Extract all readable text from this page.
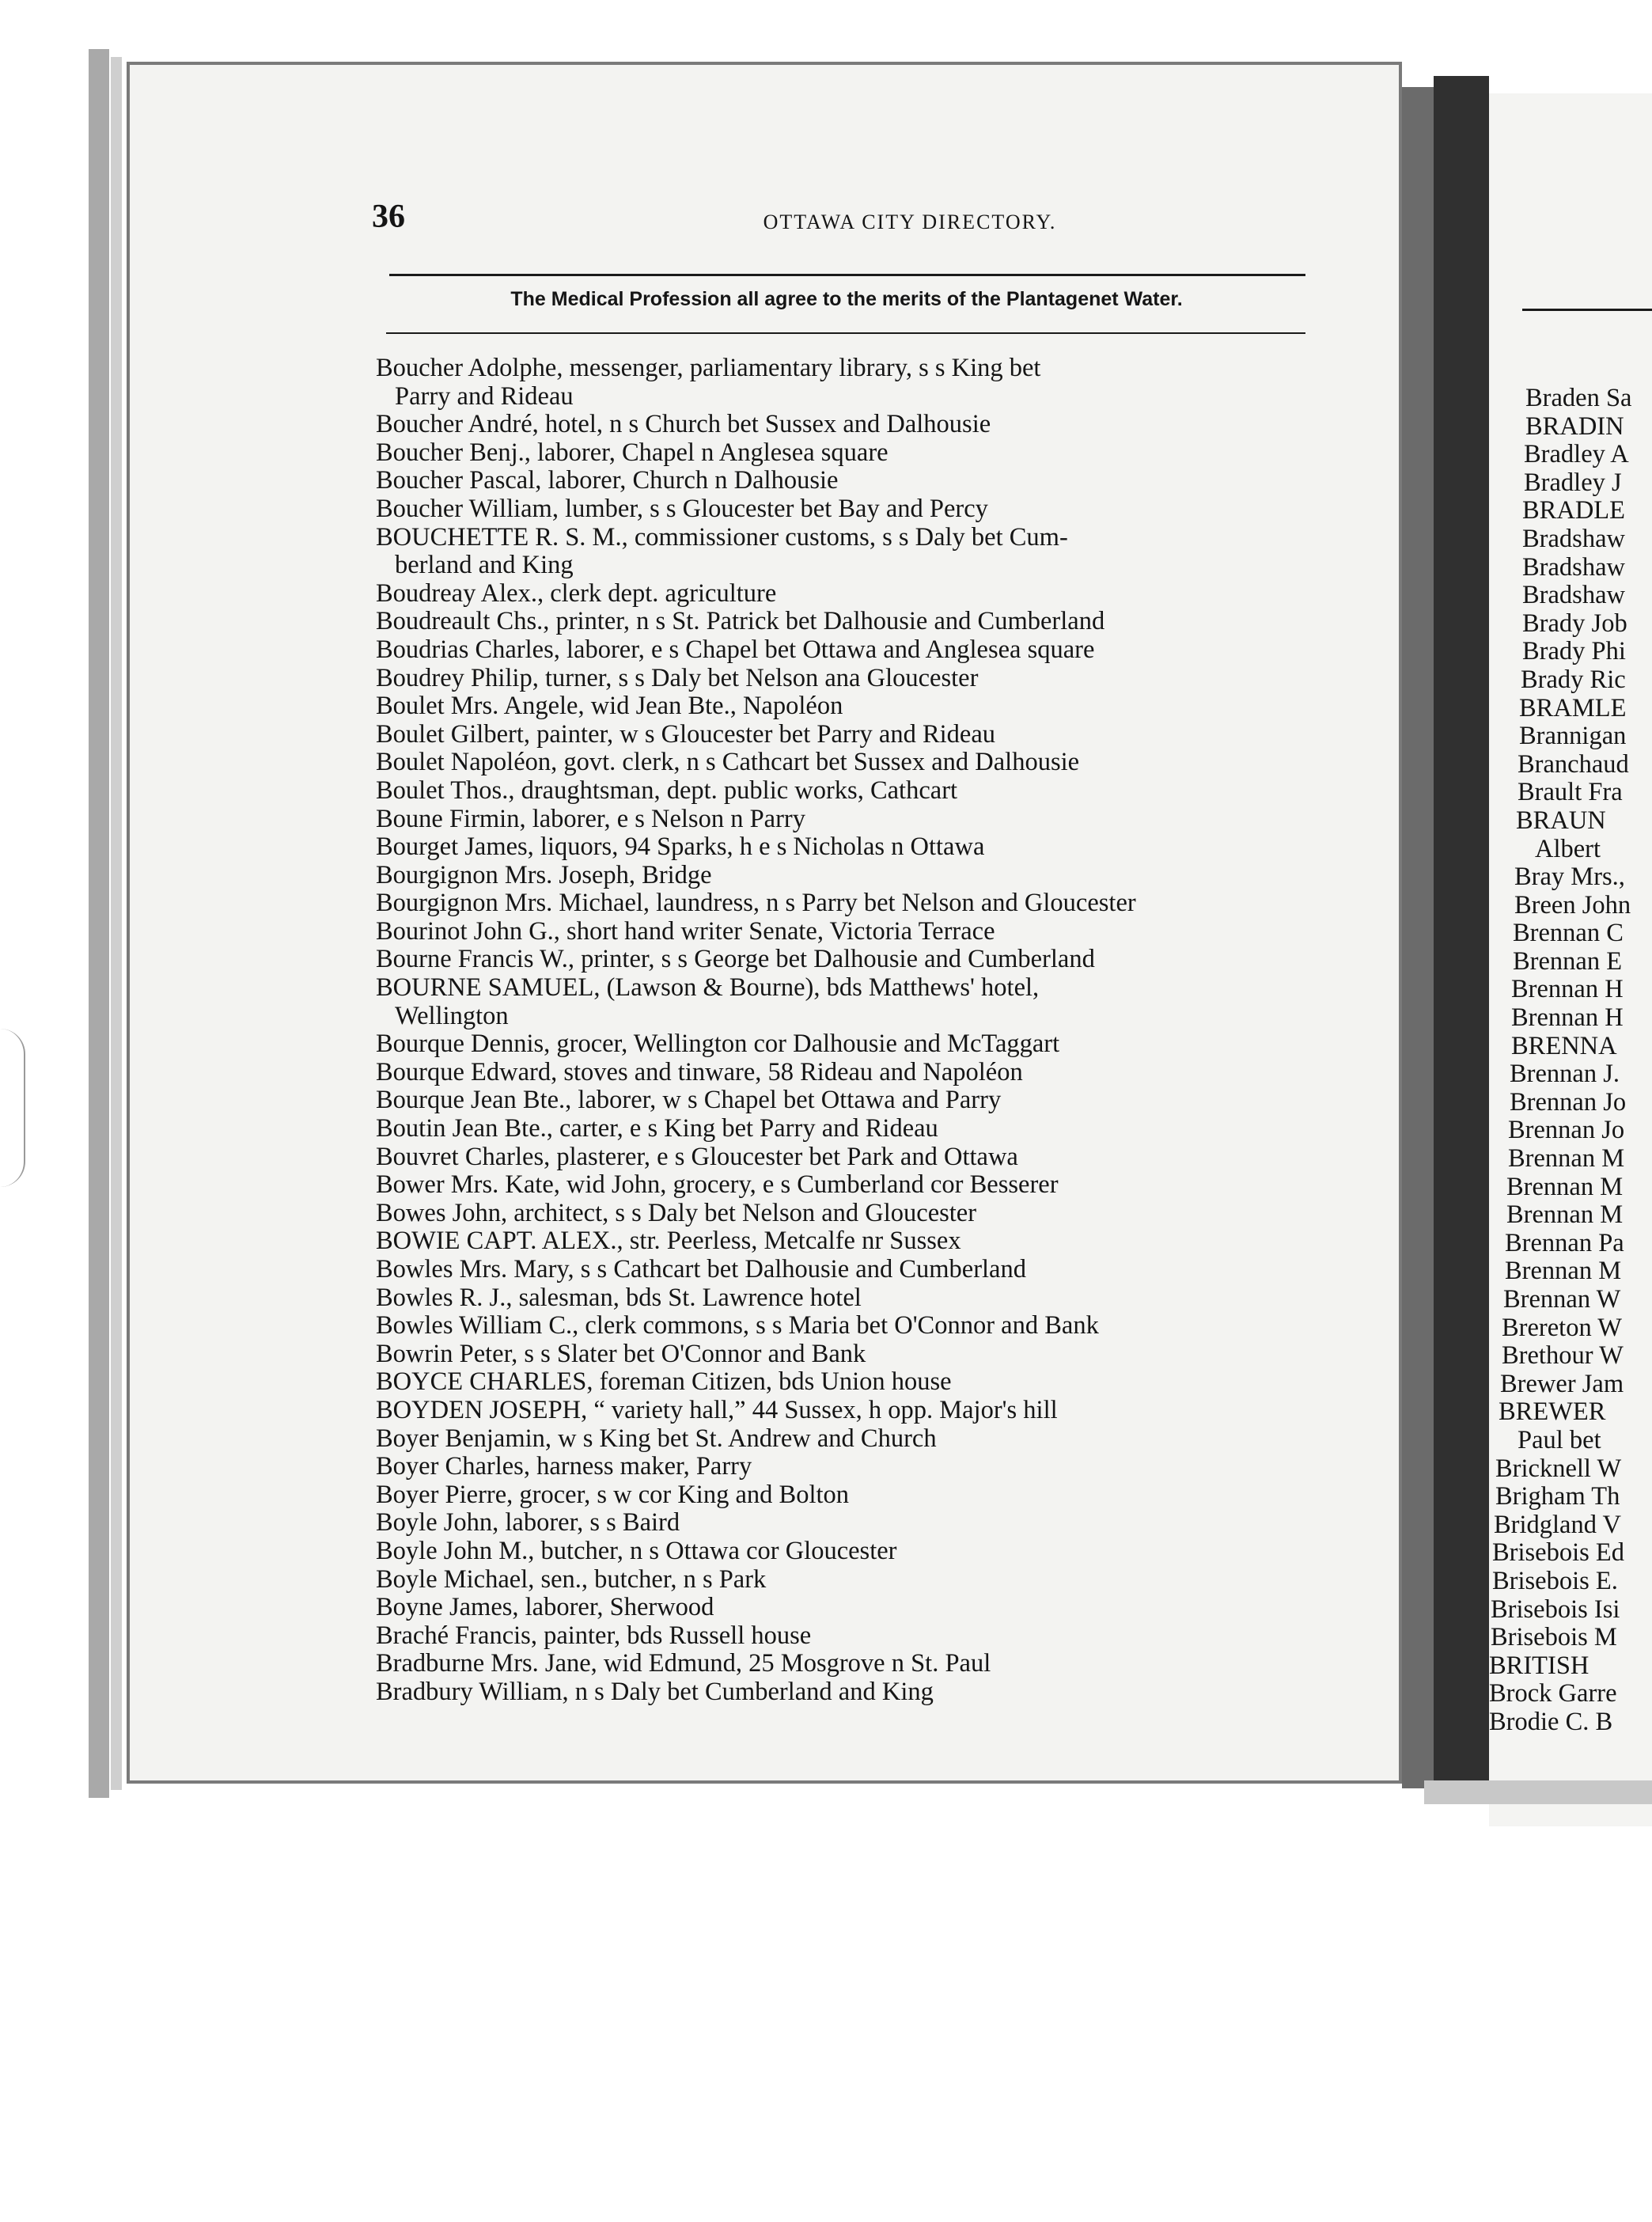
36	OTTAWA CITY DIRECTORY.
The Medical Profession all agree to the merits of the Plantagenet Water.
Boucher Adolphe, messenger, parliamentary library, s s King bet
Parry and Rideau
Boucher André, hotel, n s Church bet Sussex and Dalhousie
Boucher Benj., laborer, Chapel n Anglesea square
Boucher Pascal, laborer, Church n Dalhousie
Boucher William, lumber, s s Gloucester bet Bay and Percy
BOUCHETTE R. S. M., commissioner customs, s s Daly bet Cum-
berland and King
Boudreay Alex., clerk dept. agriculture
Boudreault Chs., printer, n s St. Patrick bet Dalhousie and Cumberland
Boudrias Charles, laborer, e s Chapel bet Ottawa and Anglesea square
Boudrey Philip, turner, s s Daly bet Nelson ana Gloucester
Boulet Mrs. Angele, wid Jean Bte., Napoléon
Boulet Gilbert, painter, w s Gloucester bet Parry and Rideau
Boulet Napoléon, govt. clerk, n s Cathcart bet Sussex and Dalhousie
Boulet Thos., draughtsman, dept. public works, Cathcart
Boune Firmin, laborer, e s Nelson n Parry
Bourget James, liquors, 94 Sparks, h e s Nicholas n Ottawa
Bourgignon Mrs. Joseph, Bridge
Bourgignon Mrs. Michael, laundress, n s Parry bet Nelson and Gloucester
Bourinot John G., short hand writer Senate, Victoria Terrace
Bourne Francis W., printer, s s George bet Dalhousie and Cumberland
BOURNE SAMUEL, (Lawson & Bourne), bds Matthews' hotel,
Wellington
Bourque Dennis, grocer, Wellington cor Dalhousie and McTaggart
Bourque Edward, stoves and tinware, 58 Rideau and Napoléon
Bourque Jean Bte., laborer, w s Chapel bet Ottawa and Parry
Boutin Jean Bte., carter, e s King bet Parry and Rideau
Bouvret Charles, plasterer, e s Gloucester bet Park and Ottawa
Bower Mrs. Kate, wid John, grocery, e s Cumberland cor Besserer
Bowes John, architect, s s Daly bet Nelson and Gloucester
BOWIE CAPT. ALEX., str. Peerless, Metcalfe nr Sussex
Bowles Mrs. Mary, s s Cathcart bet Dalhousie and Cumberland
Bowles R. J., salesman, bds St. Lawrence hotel
Bowles William C., clerk commons, s s Maria bet O'Connor and Bank
Bowrin Peter, s s Slater bet O'Connor and Bank
BOYCE CHARLES, foreman Citizen, bds Union house
BOYDEN JOSEPH, “ variety hall,” 44 Sussex, h opp. Major's hill
Boyer Benjamin, w s King bet St. Andrew and Church
Boyer Charles, harness maker, Parry
Boyer Pierre, grocer, s w cor King and Bolton
Boyle John, laborer, s s Baird
Boyle John M., butcher, n s Ottawa cor Gloucester
Boyle Michael, sen., butcher, n s Park
Boyne James, laborer, Sherwood
Braché Francis, painter, bds Russell house
Bradburne Mrs. Jane, wid Edmund, 25 Mosgrove n St. Paul
Bradbury William, n s Daly bet Cumberland and King
Braden Sa
BRADIN
Bradley A
Bradley J
BRADLE
Bradshaw
Bradshaw
Bradshaw
Brady Job
Brady Phi
Brady Ric
BRAMLE
Brannigan
Branchaud
Brault Fra
BRAUN
Albert
Bray Mrs.,
Breen John
Brennan C
Brennan E
Brennan H
Brennan H
BRENNA
Brennan J.
Brennan Jo
Brennan Jo
Brennan M
Brennan M
Brennan M
Brennan Pa
Brennan M
Brennan W
Brereton W
Brethour W
Brewer Jam
BREWER
Paul bet
Bricknell W
Brigham Th
Bridgland V
Brisebois Ed
Brisebois E.
Brisebois Isi
Brisebois M
BRITISH
Brock Garre
Brodie C. B
